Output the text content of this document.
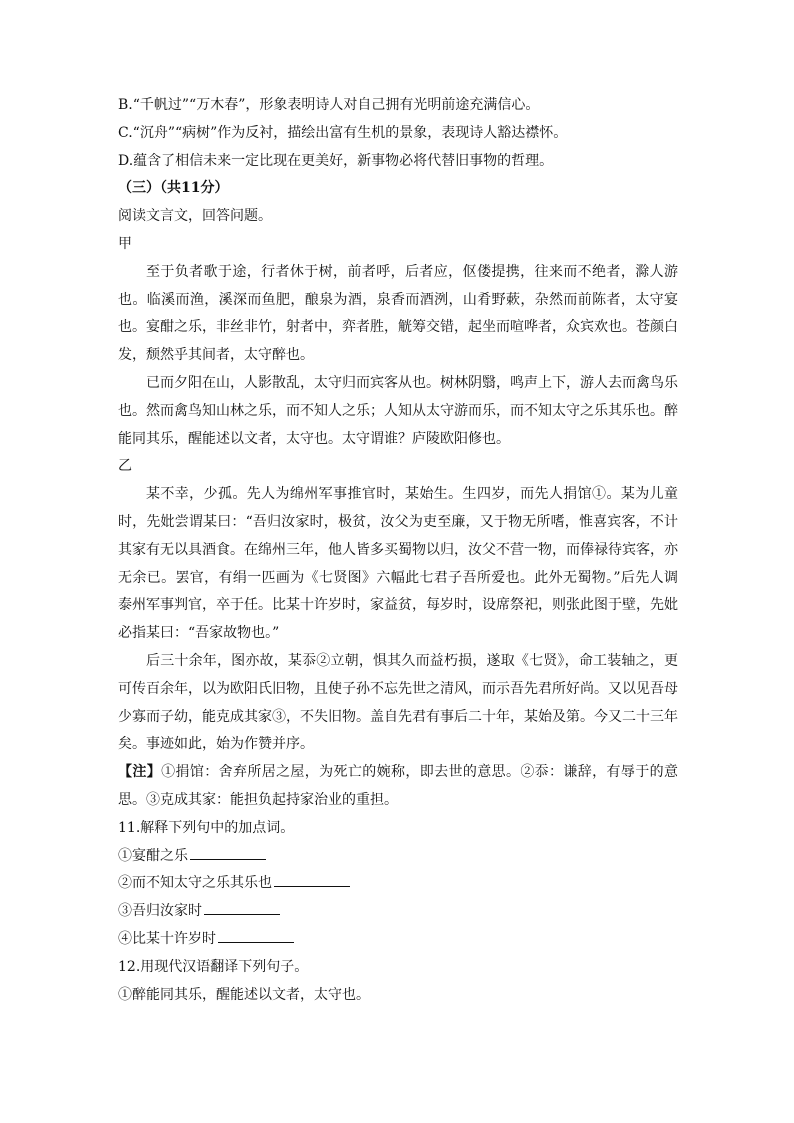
B.“千帆过”“万木春”，形象表明诗人对自己拥有光明前途充满信心。
C.“沉舟”“病树”作为反衬，描绘出富有生机的景象，表现诗人豁达襟怀。
D.蕴含了相信未来一定比现在更美好，新事物必将代替旧事物的哲理。
（三）（共11分）
阅读文言文，回答问题。
甲

至于负者歌于途，行者休于树，前者呼，后者应，伛偻提携，往来而不绝者，滁人游也。临溪而渔，溪深而鱼肥，酿泉为酒，泉香而酒洌，山肴野蔌，杂然而前陈者，太守宴也。宴酣之乐，非丝非竹，射者中，弈者胜，觥筹交错，起坐而喧哗者，众宾欢也。苍颜白发，颓然乎其间者，太守醉也。

已而夕阳在山，人影散乱，太守归而宾客从也。树林阴翳，鸣声上下，游人去而禽鸟乐也。然而禽鸟知山林之乐，而不知人之乐；人知从太守游而乐，而不知太守之乐其乐也。醉能同其乐，醒能述以文者，太守也。太守谓谁？庐陵欧阳修也。

乙

某不幸，少孤。先人为绵州军事推官时，某始生。生四岁，而先人捐馆①。某为儿童时，先妣尝谓某曰：“吾归汝家时，极贫，汝父为吏至廉，又于物无所嗜，惟喜宾客，不计其家有无以具酒食。在绵州三年，他人皆多买蜀物以归，汝父不营一物，而俸禄待宾客，亦无余已。罢官，有绢一匹画为《七贤图》六幅此七君子吾所爱也。此外无蜀物。”后先人调泰州军事判官，卒于任。比某十许岁时，家益贫，每岁时，设席祭祀，则张此图于壁，先妣必指某曰：“吾家故物也。”

后三十余年，图亦故，某忝②立朝，惧其久而益朽损，遂取《七贤》，命工装轴之，更可传百余年，以为欧阳氏旧物，且使子孙不忘先世之清风，而示吾先君所好尚。又以见吾母少寡而子幼，能克成其家③，不失旧物。盖自先君有事后二十年，某始及第。今又二十三年矣。事迹如此，始为作赞并序。

【注】①捐馆：舍弃所居之屋，为死亡的婉称，即去世的意思。②忝：谦辞，有辱于的意思。③克成其家：能担负起持家治业的重担。

11.解释下列句中的加点词。
①宴酣之乐
②而不知太守之乐其乐也
③吾归汝家时
④比某十许岁时
12.用现代汉语翻译下列句子。
①醉能同其乐，醒能述以文者，太守也。
